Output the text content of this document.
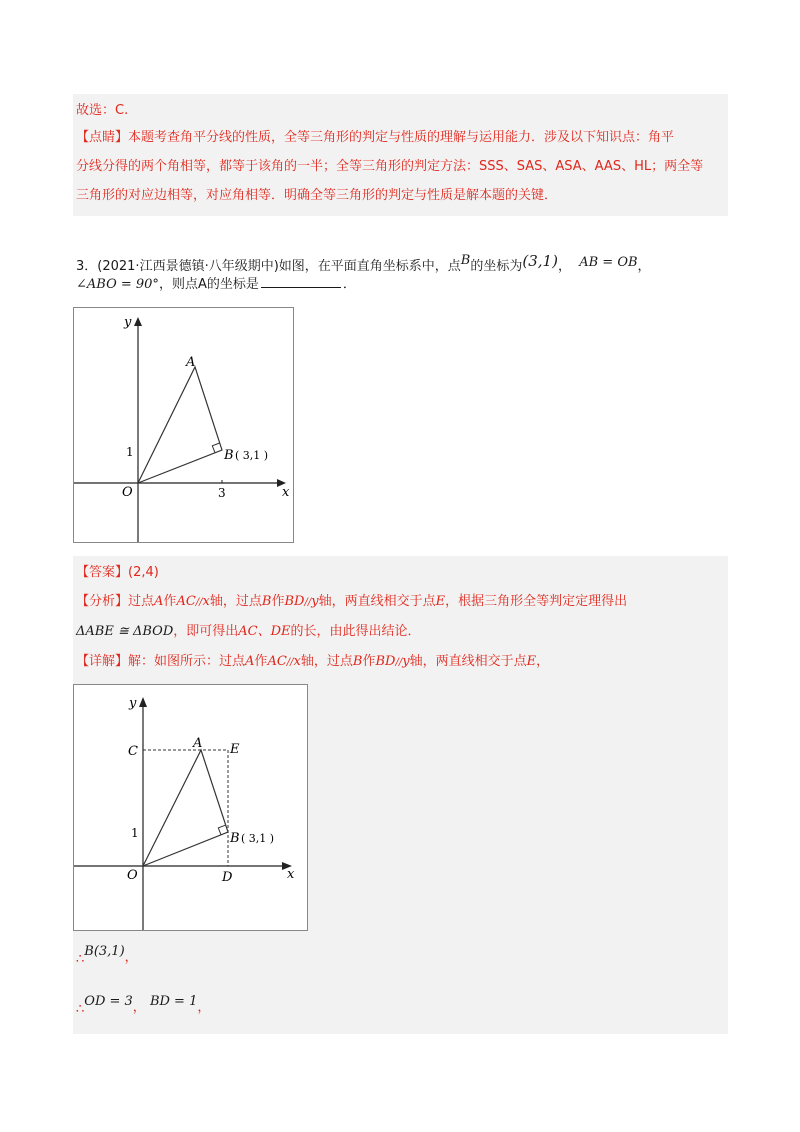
故选：C.
【点睛】本题考查角平分线的性质，全等三角形的判定与性质的理解与运用能力．涉及以下知识点：角平
分线分得的两个角相等，都等于该角的一半；全等三角形的判定方法：SSS、SAS、ASA、AAS、HL；两全等
三角形的对应边相等，对应角相等．明确全等三角形的判定与性质是解本题的关键．
3．(2021·江西景德镇·八年级期中)如图，在平面直角坐标系中，点B的坐标为(3,1)， AB = OB，
∠ABO = 90°，则点A的坐标是	．
x
y
O
1
3
A
B ( 3,1 )
【答案】(2,4)
【分析】过点A作AC//x轴，过点B作BD//y轴，两直线相交于点E，根据三角形全等判定定理得出
ΔABE ≅ ΔBOD，即可得出AC、DE的长，由此得出结论．
【详解】解：如图所示：过点A作AC//x轴，过点B作BD//y轴，两直线相交于点E，
x
y
O
1
A E
C
D
B ( 3,1 )
∴B(3,1)，
∴OD = 3， BD = 1，
